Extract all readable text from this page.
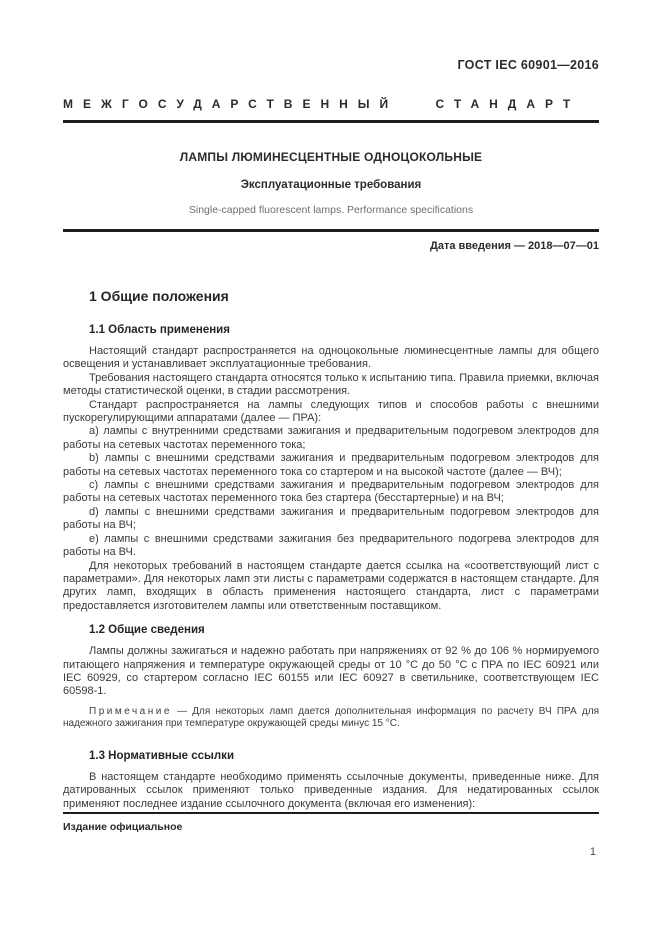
ГОСТ IEC 60901—2016
МЕЖГОСУДАРСТВЕННЫЙ СТАНДАРТ
ЛАМПЫ ЛЮМИНЕСЦЕНТНЫЕ ОДНОЦОКОЛЬНЫЕ
Эксплуатационные требования
Single-capped fluorescent lamps. Performance specifications
Дата введения — 2018—07—01
1 Общие положения
1.1 Область применения

Настоящий стандарт распространяется на одноцокольные люминесцентные лампы для общего освещения и устанавливает эксплуатационные требования.

Требования настоящего стандарта относятся только к испытанию типа. Правила приемки, включая методы статистической оценки, в стадии рассмотрения.

Стандарт распространяется на лампы следующих типов и способов работы с внешними пускорегулирующими аппаратами (далее — ПРА):

a) лампы с внутренними средствами зажигания и предварительным подогревом электродов для работы на сетевых частотах переменного тока;

b) лампы с внешними средствами зажигания и предварительным подогревом электродов для работы на сетевых частотах переменного тока со стартером и на высокой частоте (далее — ВЧ);

c) лампы с внешними средствами зажигания и предварительным подогревом электродов для работы на сетевых частотах переменного тока без стартера (бесстартерные) и на ВЧ;

d) лампы с внешними средствами зажигания и предварительным подогревом электродов для работы на ВЧ;

e) лампы с внешними средствами зажигания без предварительного подогрева электродов для работы на ВЧ.

Для некоторых требований в настоящем стандарте дается ссылка на «соответствующий лист с параметрами». Для некоторых ламп эти листы с параметрами содержатся в настоящем стандарте. Для других ламп, входящих в область применения настоящего стандарта, лист с параметрами предоставляется изготовителем лампы или ответственным поставщиком.

1.2 Общие сведения

Лампы должны зажигаться и надежно работать при напряжениях от 92 % до 106 % нормируемого питающего напряжения и температуре окружающей среды от 10 °С до 50 °С с ПРА по IEC 60921 или IEC 60929, со стартером согласно IEC 60155 или IEC 60927 в светильнике, соответствующем IEC 60598-1.

Примечание — Для некоторых ламп дается дополнительная информация по расчету ВЧ ПРА для надежного зажигания при температуре окружающей среды минус 15 °С.

1.3 Нормативные ссылки

В настоящем стандарте необходимо применять ссылочные документы, приведенные ниже. Для датированных ссылок применяют только приведенные издания. Для недатированных ссылок применяют последнее издание ссылочного документа (включая его изменения):

Издание официальное
1
